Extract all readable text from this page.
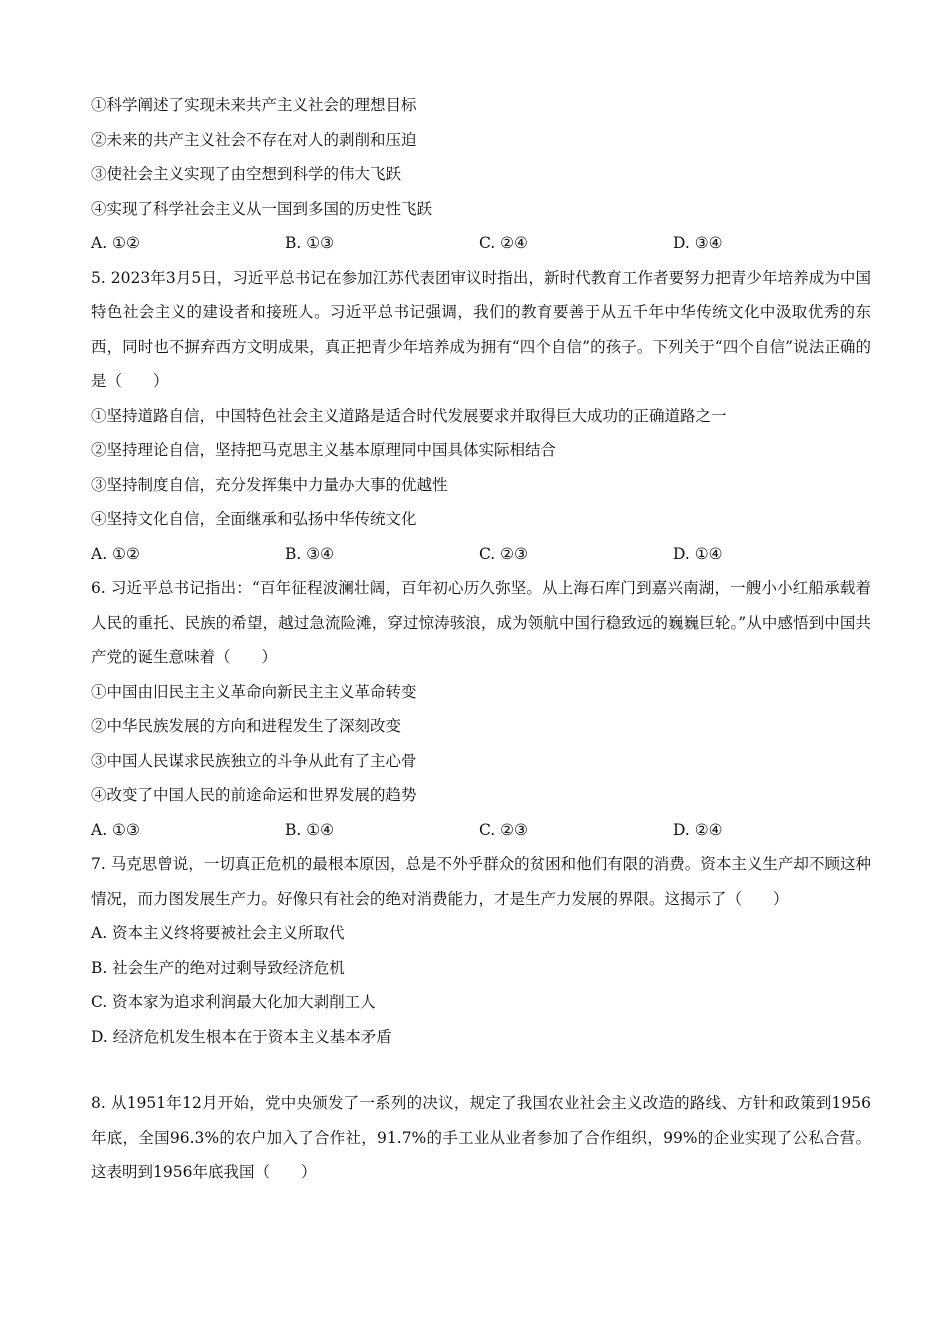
①科学阐述了实现未来共产主义社会的理想目标
②未来的共产主义社会不存在对人的剥削和压迫
③使社会主义实现了由空想到科学的伟大飞跃
④实现了科学社会主义从一国到多国的历史性飞跃
A. ①②	B. ①③	C. ②④	D. ③④
5. 2023年3月5日，习近平总书记在参加江苏代表团审议时指出，新时代教育工作者要努力把青少年培养成为中国特色社会主义的建设者和接班人。习近平总书记强调，我们的教育要善于从五千年中华传统文化中汲取优秀的东西，同时也不摒弃西方文明成果，真正把青少年培养成为拥有“四个自信”的孩子。下列关于“四个自信”说法正确的是（　　）
①坚持道路自信，中国特色社会主义道路是适合时代发展要求并取得巨大成功的正确道路之一
②坚持理论自信，坚持把马克思主义基本原理同中国具体实际相结合
③坚持制度自信，充分发挥集中力量办大事的优越性
④坚持文化自信，全面继承和弘扬中华传统文化
A. ①②	B. ③④	C. ②③	D. ①④
6. 习近平总书记指出：“百年征程波澜壮阔，百年初心历久弥坚。从上海石库门到嘉兴南湖，一艘小小红船承载着人民的重托、民族的希望，越过急流险滩，穿过惊涛骇浪，成为领航中国行稳致远的巍巍巨轮。”从中感悟到中国共产党的诞生意味着（　　）
①中国由旧民主主义革命向新民主主义革命转变
②中华民族发展的方向和进程发生了深刻改变
③中国人民谋求民族独立的斗争从此有了主心骨
④改变了中国人民的前途命运和世界发展的趋势
A. ①③	B. ①④	C. ②③	D. ②④
7. 马克思曾说，一切真正危机的最根本原因，总是不外乎群众的贫困和他们有限的消费。资本主义生产却不顾这种情况，而力图发展生产力。好像只有社会的绝对消费能力，才是生产力发展的界限。这揭示了（　　）
A. 资本主义终将要被社会主义所取代
B. 社会生产的绝对过剩导致经济危机
C. 资本家为追求利润最大化加大剥削工人
D. 经济危机发生根本在于资本主义基本矛盾
8. 从1951年12月开始，党中央颁发了一系列的决议，规定了我国农业社会主义改造的路线、方针和政策到1956年底，全国96.3%的农户加入了合作社，91.7%的手工业从业者参加了合作组织，99%的企业实现了公私合营。这表明到1956年底我国（　　）
